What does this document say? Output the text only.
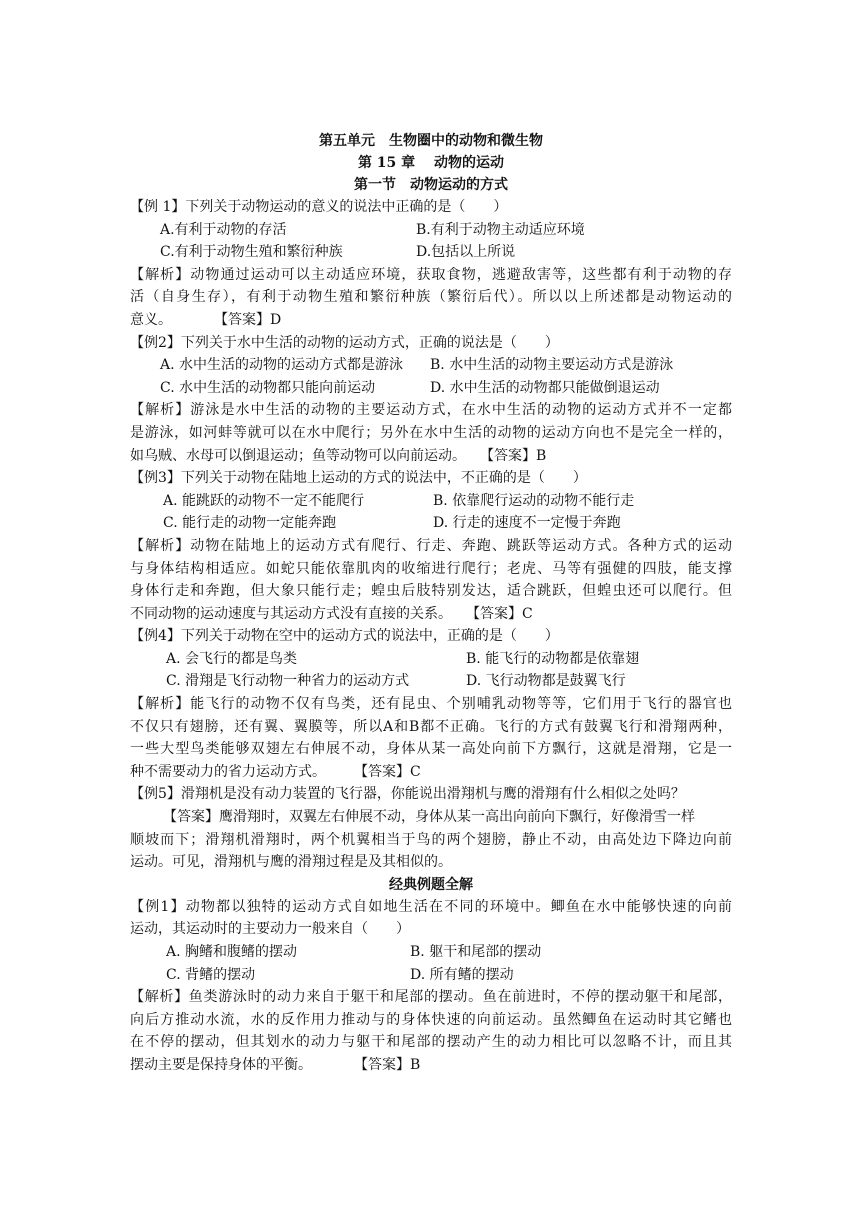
第五单元　生物圈中的动物和微生物
第 15 章　 动物的运动
第一节　动物运动的方式
【例 1】下列关于动物运动的意义的说法中正确的是（　　）
A.有利于动物的存活	B.有利于动物主动适应环境
C.有利于动物生殖和繁衍种族	D.包括以上所说
【解析】动物通过运动可以主动适应环境，获取食物，逃避敌害等，这些都有利于动物的存
活（自身生存），有利于动物生殖和繁衍种族（繁衍后代）。所以以上所述都是动物运动的
意义。　　　　【答案】D
【例2】下列关于水中生活的动物的运动方式，正确的说法是（　　）
A. 水中生活的动物的运动方式都是游泳	B. 水中生活的动物主要运动方式是游泳
C. 水中生活的动物都只能向前运动	D. 水中生活的动物都只能做倒退运动
【解析】游泳是水中生活的动物的主要运动方式，在水中生活的动物的运动方式并不一定都
是游泳，如河蚌等就可以在水中爬行；另外在水中生活的动物的运动方向也不是完全一样的，
如乌贼、水母可以倒退运动；鱼等动物可以向前运动。　　【答案】B
【例3】下列关于动物在陆地上运动的方式的说法中，不正确的是（　　）
A. 能跳跃的动物不一定不能爬行	B. 依靠爬行运动的动物不能行走
C. 能行走的动物一定能奔跑	D. 行走的速度不一定慢于奔跑
【解析】动物在陆地上的运动方式有爬行、行走、奔跑、跳跃等运动方式。各种方式的运动
与身体结构相适应。如蛇只能依靠肌肉的收缩进行爬行；老虎、马等有强健的四肢，能支撑
身体行走和奔跑，但大象只能行走；蝗虫后肢特别发达，适合跳跃，但蝗虫还可以爬行。但
不同动物的运动速度与其运动方式没有直接的关系。　　【答案】C
【例4】下列关于动物在空中的运动方式的说法中，正确的是（　　）
A. 会飞行的都是鸟类	B. 能飞行的动物都是依靠翅
C. 滑翔是飞行动物一种省力的运动方式	D. 飞行动物都是鼓翼飞行
【解析】能飞行的动物不仅有鸟类，还有昆虫、个别哺乳动物等等，它们用于飞行的器官也
不仅只有翅膀，还有翼、翼膜等，所以A和B都不正确。飞行的方式有鼓翼飞行和滑翔两种，
一些大型鸟类能够双翅左右伸展不动，身体从某一高处向前下方飘行，这就是滑翔，它是一
种不需要动力的省力运动方式。　　　【答案】C
【例5】滑翔机是没有动力装置的飞行器，你能说出滑翔机与鹰的滑翔有什么相似之处吗？
【答案】鹰滑翔时，双翼左右伸展不动，身体从某一高出向前向下飘行，好像滑雪一样
顺坡而下；滑翔机滑翔时，两个机翼相当于鸟的两个翅膀，静止不动，由高处边下降边向前
运动。可见，滑翔机与鹰的滑翔过程是及其相似的。
经典例题全解
【例1】动物都以独特的运动方式自如地生活在不同的环境中。鲫鱼在水中能够快速的向前
运动，其运动时的主要动力一般来自（　　）
A. 胸鳍和腹鳍的摆动	B. 躯干和尾部的摆动
C. 背鳍的摆动	D. 所有鳍的摆动
【解析】鱼类游泳时的动力来自于躯干和尾部的摆动。鱼在前进时，不停的摆动躯干和尾部，
向后方推动水流，水的反作用力推动与的身体快速的向前运动。虽然鲫鱼在运动时其它鳍也
在不停的摆动，但其划水的动力与躯干和尾部的摆动产生的动力相比可以忽略不计，而且其
摆动主要是保持身体的平衡。　　　　【答案】B
